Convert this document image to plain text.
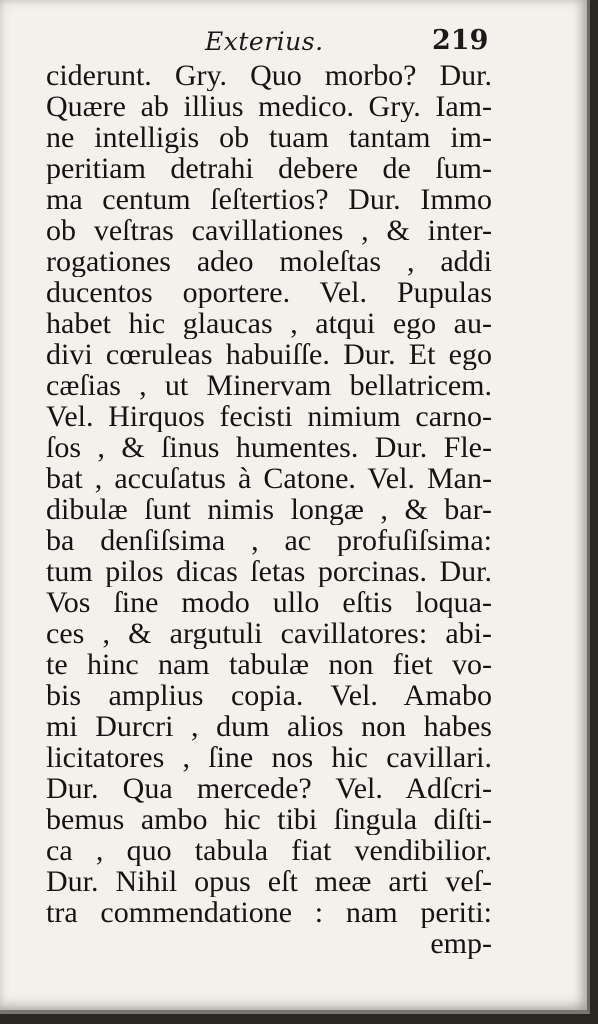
Exterius.	219
ciderunt. Gry. Quo morbo? Dur.
Quære ab illius medico. Gry. Iam-
ne intelligis ob tuam tantam im-
peritiam detrahi debere de ſum-
ma centum ſeſtertios? Dur. Immo
ob veſtras cavillationes , & inter-
rogationes adeo moleſtas , addi
ducentos oportere. Vel. Pupulas
habet hic glaucas , atqui ego au-
divi cœruleas habuiſſe. Dur. Et ego
cæſias , ut Minervam bellatricem.
Vel. Hirquos fecisti nimium carno-
ſos , & ſinus humentes. Dur. Fle-
bat , accuſatus à Catone. Vel. Man-
dibulæ ſunt nimis longæ , & bar-
ba denſiſsima , ac profuſiſsima:
tum pilos dicas ſetas porcinas. Dur.
Vos ſine modo ullo eſtis loqua-
ces , & argutuli cavillatores: abi-
te hinc nam tabulæ non fiet vo-
bis amplius copia. Vel. Amabo
mi Durcri , dum alios non habes
licitatores , ſine nos hic cavillari.
Dur. Qua mercede? Vel. Adſcri-
bemus ambo hic tibi ſingula diſti-
ca , quo tabula fiat vendibilior.
Dur. Nihil opus eſt meæ arti veſ-
tra commendatione : nam periti:
emp-
